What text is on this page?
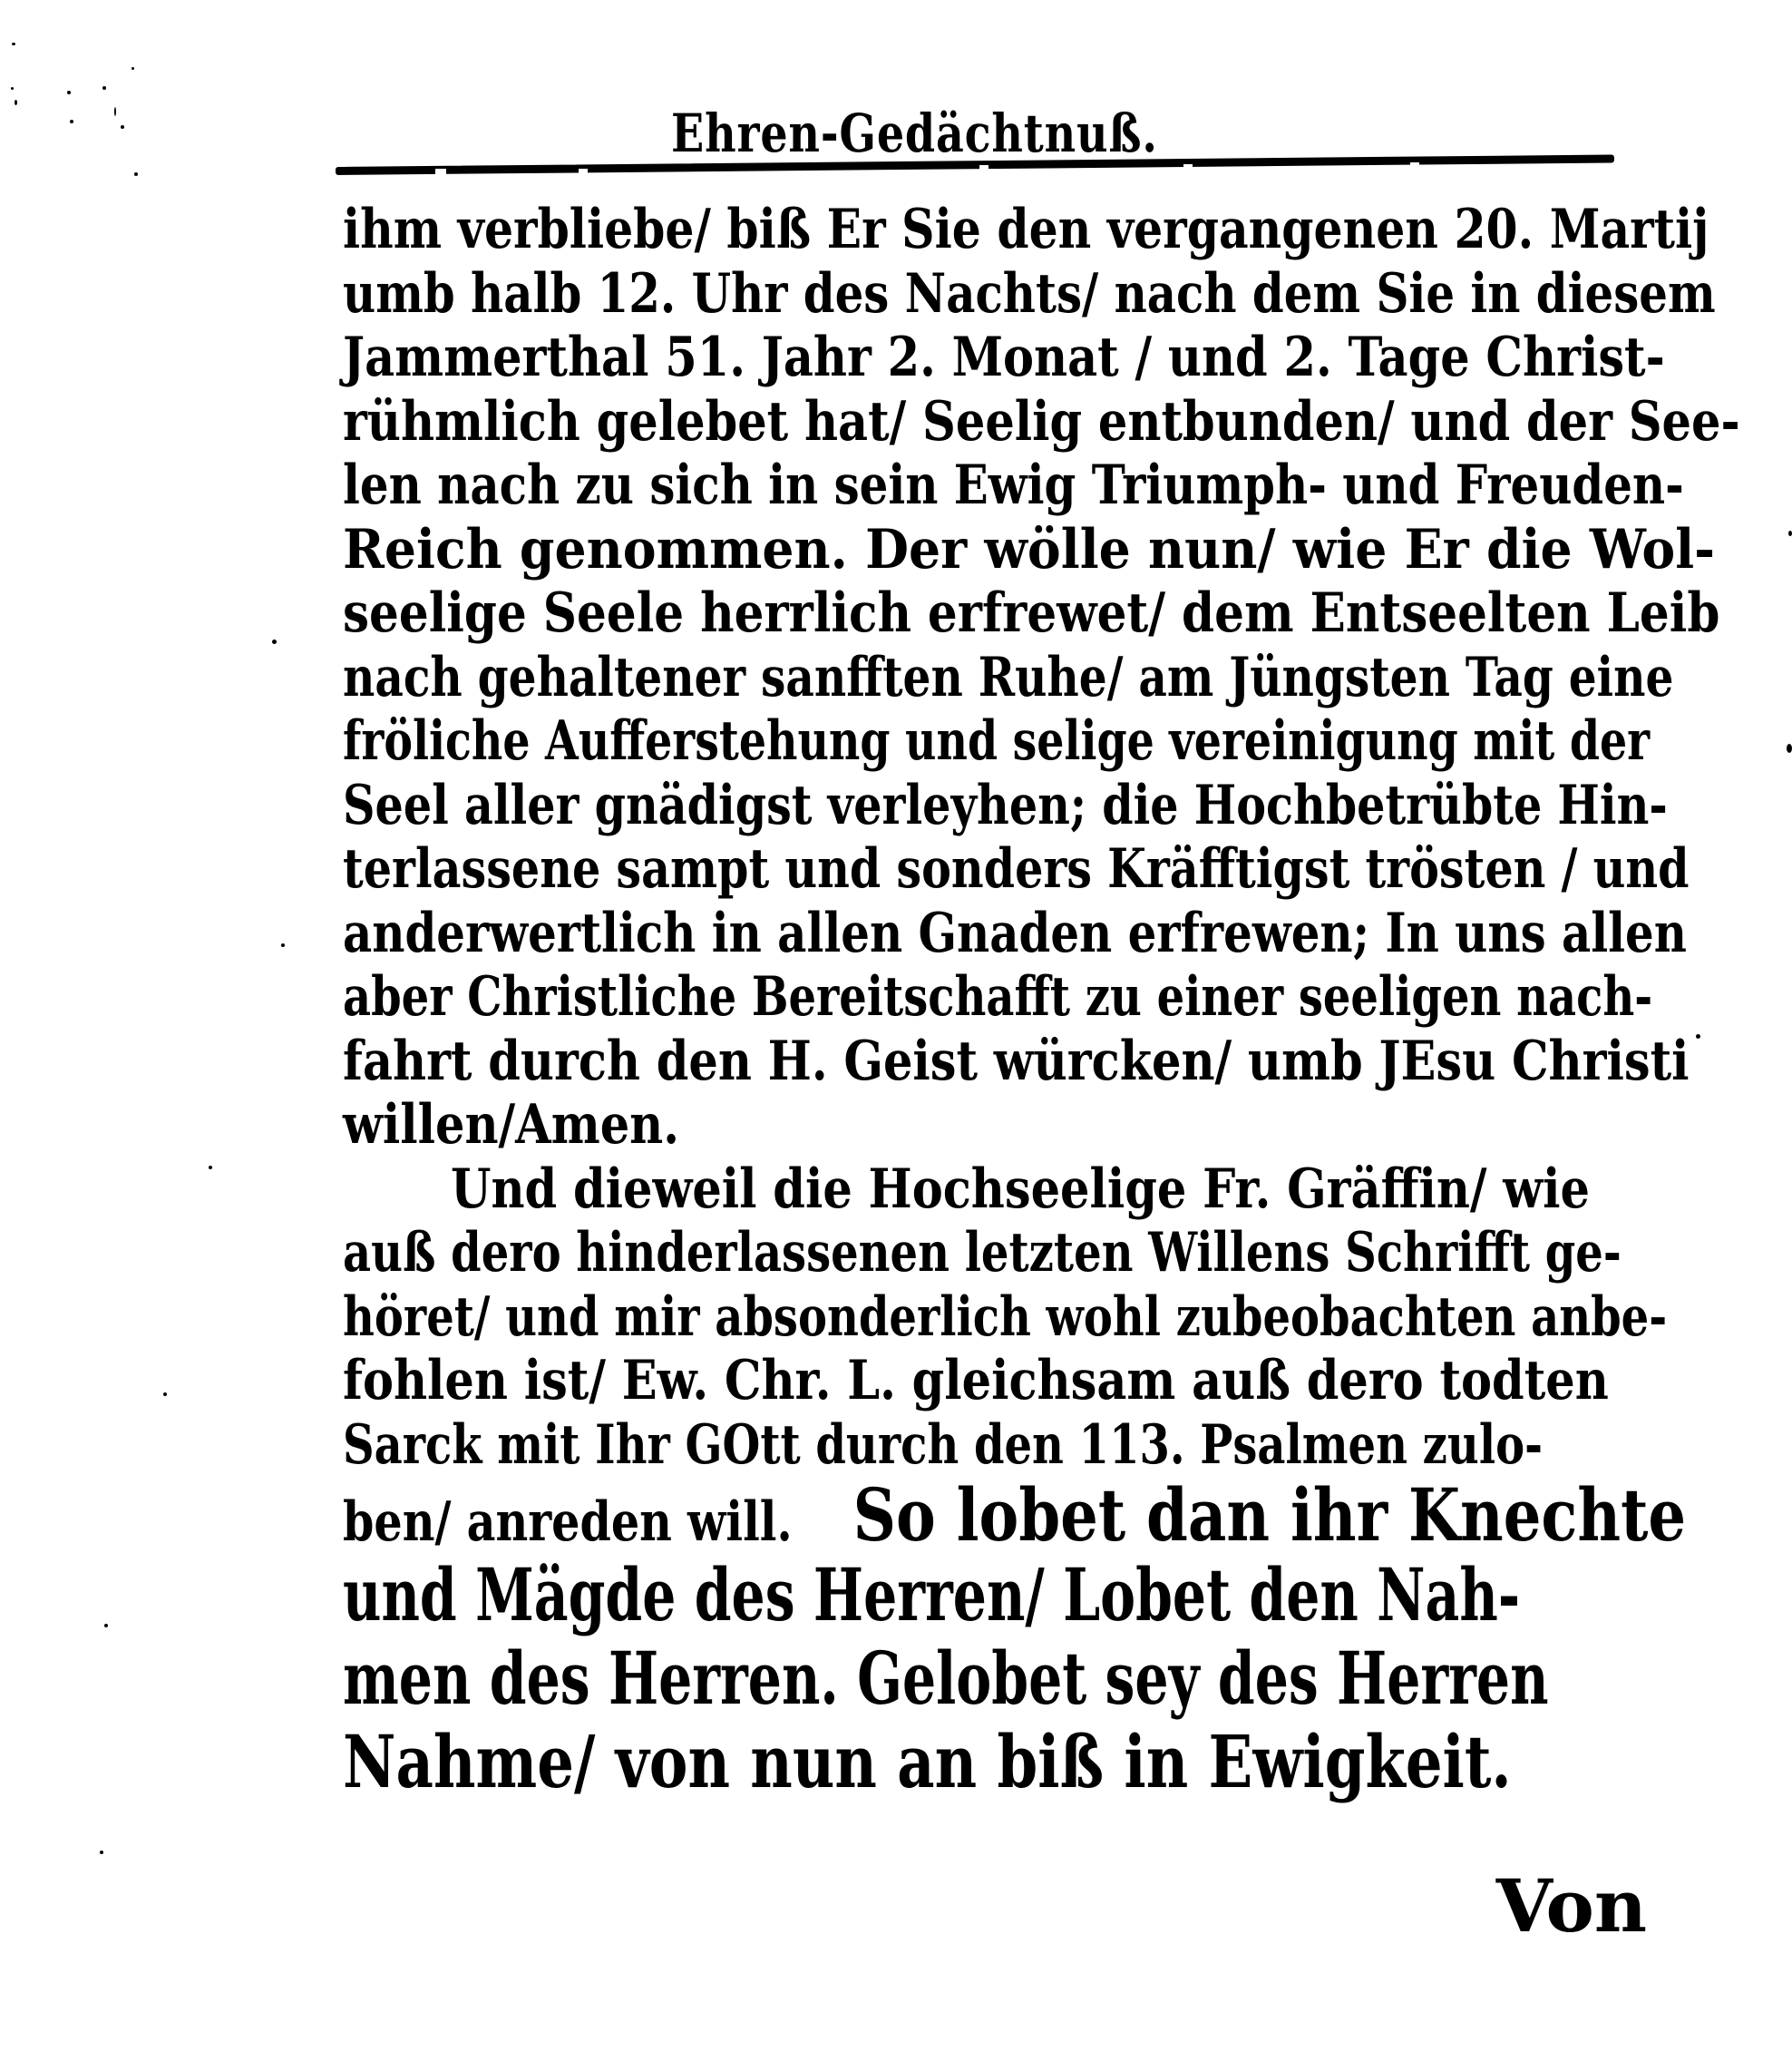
Ehren-Gedächtnuß.
ihm verbliebe/ biß Er Sie den vergangenen 20. Martij
umb halb 12. Uhr des Nachts/ nach dem Sie in diesem
Jammerthal 51. Jahr 2. Monat / und 2. Tage Christ-
rühmlich gelebet hat/ Seelig entbunden/ und der See-
len nach zu sich in sein Ewig Triumph- und Freuden-
Reich genommen. Der wölle nun/ wie Er die Wol-
seelige Seele herrlich erfrewet/ dem Entseelten Leib
nach gehaltener sanfften Ruhe/ am Jüngsten Tag eine
fröliche Aufferstehung und selige vereinigung mit der
Seel aller gnädigst verleyhen; die Hochbetrübte Hin-
terlassene sampt und sonders Kräfftigst trösten / und
anderwertlich in allen Gnaden erfrewen; In uns allen
aber Christliche Bereitschafft zu einer seeligen nach-
fahrt durch den H. Geist würcken/ umb JEsu Christi
willen/Amen.
Und dieweil die Hochseelige Fr. Gräffin/ wie
auß dero hinderlassenen letzten Willens Schrifft ge-
höret/ und mir absonderlich wohl zubeobachten anbe-
fohlen ist/ Ew. Chr. L. gleichsam auß dero todten
Sarck mit Ihr GOtt durch den 113. Psalmen zulo-
ben/ anreden will. So lobet dan ihr Knechte
und Mägde des Herren/ Lobet den Nah-
men des Herren. Gelobet sey des Herren
Nahme/ von nun an biß in Ewigkeit.
Von
